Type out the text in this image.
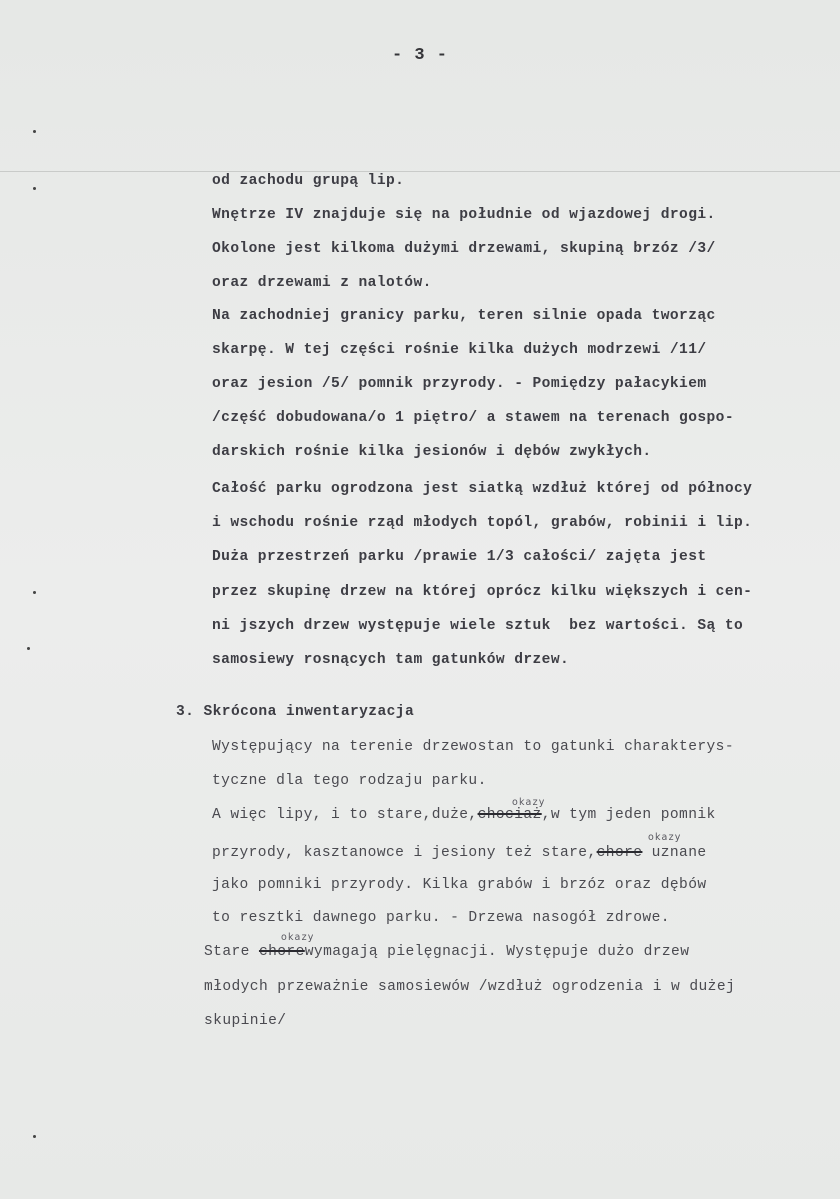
- 3 -
od zachodu grupą lip.
Wnętrze IV znajduje się na południe od wjazdowej drogi.
Okolone jest kilkoma dużymi drzewami, skupiną brzóz /3/
oraz drzewami z nalotów.
Na zachodniej granicy parku, teren silnie opada tworząc
skarpę. W tej części rośnie kilka dużych modrzewi /11/
oraz jesion /5/ pomnik przyrody. - Pomiędzy pałacykiem
/część dobudowana/o 1 piętro/ a stawem na terenach gospo-
darskich rośnie kilka jesionów i dębów zwykłych.
Całość parku ogrodzona jest siatką wzdłuż której od północy
i wschodu rośnie rząd młodych topól, grabów, robinii i lip.
Duża przestrzeń parku /prawie 1/3 całości/ zajęta jest
przez skupinę drzew na której oprócz kilku większych i cen-
ni jszych drzew występuje wiele sztuk  bez wartości. Są to
samosiewy rosnących tam gatunków drzew.
3. Skrócona inwentaryzacja
Występujący na terenie drzewostan to gatunki charakterys-
tyczne dla tego rodzaju parku.
A więc lipy, i to stare,duże,chociaż,w tym jeden pomnik
okazy
przyrody, kasztanowce i jesiony też stare,chore uznane
okazy
jako pomniki przyrody. Kilka grabów i brzóz oraz dębów
to resztki dawnego parku. - Drzewa nasogół zdrowe.
Stare chorewymagają pielęgnacji. Występuje dużo drzew
okazy
młodych przeważnie samosiewów /wzdłuż ogrodzenia i w dużej
skupinie/
